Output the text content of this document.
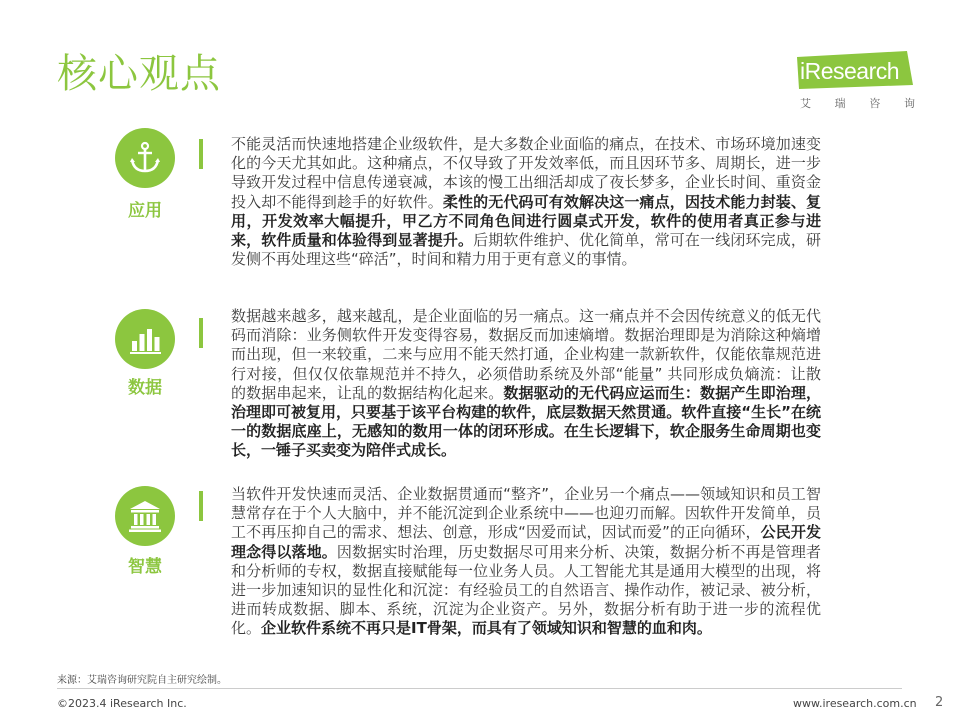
核心观点	iResearch
艾 瑞 咨 询
应用
不能灵活而快速地搭建企业级软件，是大多数企业面临的痛点，在技术、市场环境加速变化的今天尤其如此。这种痛点，不仅导致了开发效率低，而且因环节多、周期长，进一步导致开发过程中信息传递衰减，本该的慢工出细活却成了夜长梦多，企业长时间、重资金投入却不能得到趁手的好软件。柔性的无代码可有效解决这一痛点，因技术能力封装、复用，开发效率大幅提升，甲乙方不同角色间进行圆桌式开发，软件的使用者真正参与进来，软件质量和体验得到显著提升。后期软件维护、优化简单，常可在一线闭环完成，研发侧不再处理这些“碎活”，时间和精力用于更有意义的事情。
数据
数据越来越多，越来越乱，是企业面临的另一痛点。这一痛点并不会因传统意义的低无代码而消除：业务侧软件开发变得容易，数据反而加速熵增。数据治理即是为消除这种熵增而出现，但一来较重，二来与应用不能天然打通，企业构建一款新软件，仅能依靠规范进行对接，但仅仅依靠规范并不持久，必须借助系统及外部“能量” 共同形成负熵流：让散的数据串起来，让乱的数据结构化起来。数据驱动的无代码应运而生：数据产生即治理，治理即可被复用，只要基于该平台构建的软件，底层数据天然贯通。软件直接“生长”在统一的数据底座上，无感知的数用一体的闭环形成。在生长逻辑下，软企服务生命周期也变长，一锤子买卖变为陪伴式成长。
智慧
当软件开发快速而灵活、企业数据贯通而“整齐”，企业另一个痛点——领域知识和员工智慧常存在于个人大脑中，并不能沉淀到企业系统中——也迎刃而解。因软件开发简单，员工不再压抑自己的需求、想法、创意，形成“因爱而试，因试而爱”的正向循环，公民开发理念得以落地。因数据实时治理，历史数据尽可用来分析、决策，数据分析不再是管理者和分析师的专权，数据直接赋能每一位业务人员。人工智能尤其是通用大模型的出现，将进一步加速知识的显性化和沉淀：有经验员工的自然语言、操作动作，被记录、被分析，进而转成数据、脚本、系统，沉淀为企业资产。另外，数据分析有助于进一步的流程优化。企业软件系统不再只是IT骨架，而具有了领域知识和智慧的血和肉。
来源：艾瑞咨询研究院自主研究绘制。
©2023.4 iResearch Inc.	www.iresearch.com.cn 2
